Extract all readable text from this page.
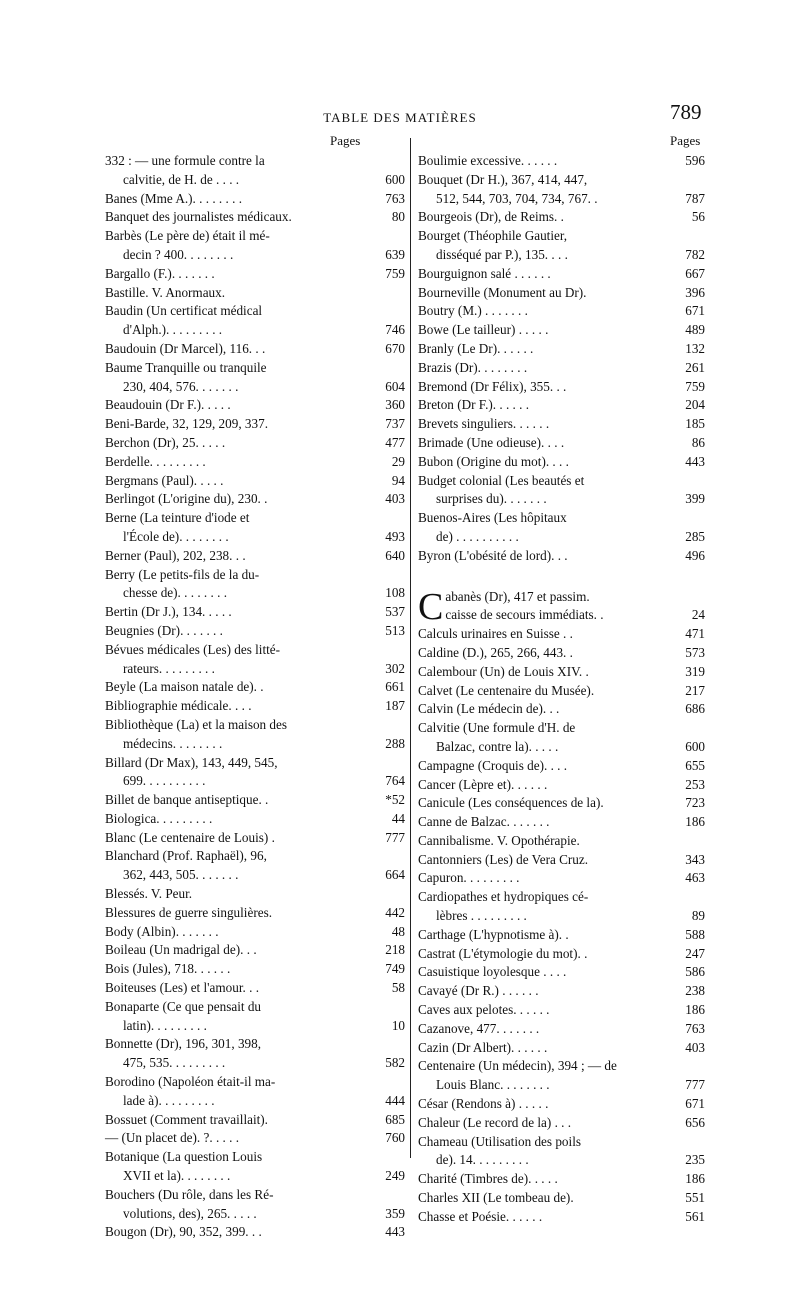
TABLE DES MATIÈRES	789
Pages	Pages
332 : — une formule contre la
calvitie, de H. de . . . .	600
Banes (Mme A.). . . . . . . .	763
Banquet des journalistes médicaux.	80
Barbès (Le père de) était il mé-
decin ? 400. . . . . . . .	639
Bargallo (F.). . . . . . .	759
Bastille. V. Anormaux.
Baudin (Un certificat médical
d'Alph.). . . . . . . . .	746
Baudouin (Dr Marcel), 116. . .	670
Baume Tranquille ou tranquile
230, 404, 576. . . . . . .	604
Beaudouin (Dr F.). . . . .	360
Beni-Barde, 32, 129, 209, 337.	737
Berchon (Dr), 25. . . . .	477
Berdelle. . . . . . . . .	29
Bergmans (Paul). . . . .	94
Berlingot (L'origine du), 230. .	403
Berne (La teinture d'iode et
l'École de). . . . . . . .	493
Berner (Paul), 202, 238. . .	640
Berry (Le petits-fils de la du-
chesse de). . . . . . . .	108
Bertin (Dr J.), 134. . . . .	537
Beugnies (Dr). . . . . . .	513
Bévues médicales (Les) des litté-
rateurs. . . . . . . . .	302
Beyle (La maison natale de). .	661
Bibliographie médicale. . . .	187
Bibliothèque (La) et la maison des
médecins. . . . . . . .	288
Billard (Dr Max), 143, 449, 545,
699. . . . . . . . . .	764
Billet de banque antiseptique. .	*52
Biologica. . . . . . . . .	44
Blanc (Le centenaire de Louis) .	777
Blanchard (Prof. Raphaël), 96,
362, 443, 505. . . . . . .	664
Blessés. V. Peur.
Blessures de guerre singulières.	442
Body (Albin). . . . . . .	48
Boileau (Un madrigal de). . .	218
Bois (Jules), 718. . . . . .	749
Boiteuses (Les) et l'amour. . .	58
Bonaparte (Ce que pensait du
latin). . . . . . . . .	10
Bonnette (Dr), 196, 301, 398,
475, 535. . . . . . . . .	582
Borodino (Napoléon était-il ma-
lade à). . . . . . . . .	444
Bossuet (Comment travaillait).	685
— (Un placet de). ?. . . . .	760
Botanique (La question Louis
XVII et la). . . . . . . .	249
Bouchers (Du rôle, dans les Ré-
volutions, des), 265. . . . .	359
Bougon (Dr), 90, 352, 399. . .	443
Boulimie excessive. . . . . .	596
Bouquet (Dr H.), 367, 414, 447,
512, 544, 703, 704, 734, 767. .	787
Bourgeois (Dr), de Reims. .	56
Bourget (Théophile Gautier,
disséqué par P.), 135. . . .	782
Bourguignon salé . . . . . .	667
Bourneville (Monument au Dr).	396
Boutry (M.) . . . . . . .	671
Bowe (Le tailleur) . . . . .	489
Branly (Le Dr). . . . . .	132
Brazis (Dr). . . . . . . .	261
Bremond (Dr Félix), 355. . .	759
Breton (Dr F.). . . . . .	204
Brevets singuliers. . . . . .	185
Brimade (Une odieuse). . . .	86
Bubon (Origine du mot). . . .	443
Budget colonial (Les beautés et
surprises du). . . . . . .	399
Buenos-Aires (Les hôpitaux
de) . . . . . . . . . .	285
Byron (L'obésité de lord). . .	496
C abanès (Dr), 417 et passim.
caisse de secours immédiats. .	24
Calculs urinaires en Suisse . .	471
Caldine (D.), 265, 266, 443. .	573
Calembour (Un) de Louis XIV. .	319
Calvet (Le centenaire du Musée).	217
Calvin (Le médecin de). . .	686
Calvitie (Une formule d'H. de
Balzac, contre la). . . . .	600
Campagne (Croquis de). . . .	655
Cancer (Lèpre et). . . . . .	253
Canicule (Les conséquences de la).	723
Canne de Balzac. . . . . . .	186
Cannibalisme. V. Opothérapie.
Cantonniers (Les) de Vera Cruz.	343
Capuron. . . . . . . . .	463
Cardiopathes et hydropiques cé-
lèbres . . . . . . . . .	89
Carthage (L'hypnotisme à). .	588
Castrat (L'étymologie du mot). .	247
Casuistique loyolesque . . . .	586
Cavayé (Dr R.) . . . . . .	238
Caves aux pelotes. . . . . .	186
Cazanove, 477. . . . . . .	763
Cazin (Dr Albert). . . . . .	403
Centenaire (Un médecin), 394 ; — de
Louis Blanc. . . . . . . .	777
César (Rendons à) . . . . .	671
Chaleur (Le record de la) . . .	656
Chameau (Utilisation des poils
de). 14. . . . . . . . .	235
Charité (Timbres de). . . . .	186
Charles XII (Le tombeau de).	551
Chasse et Poésie. . . . . .	561
